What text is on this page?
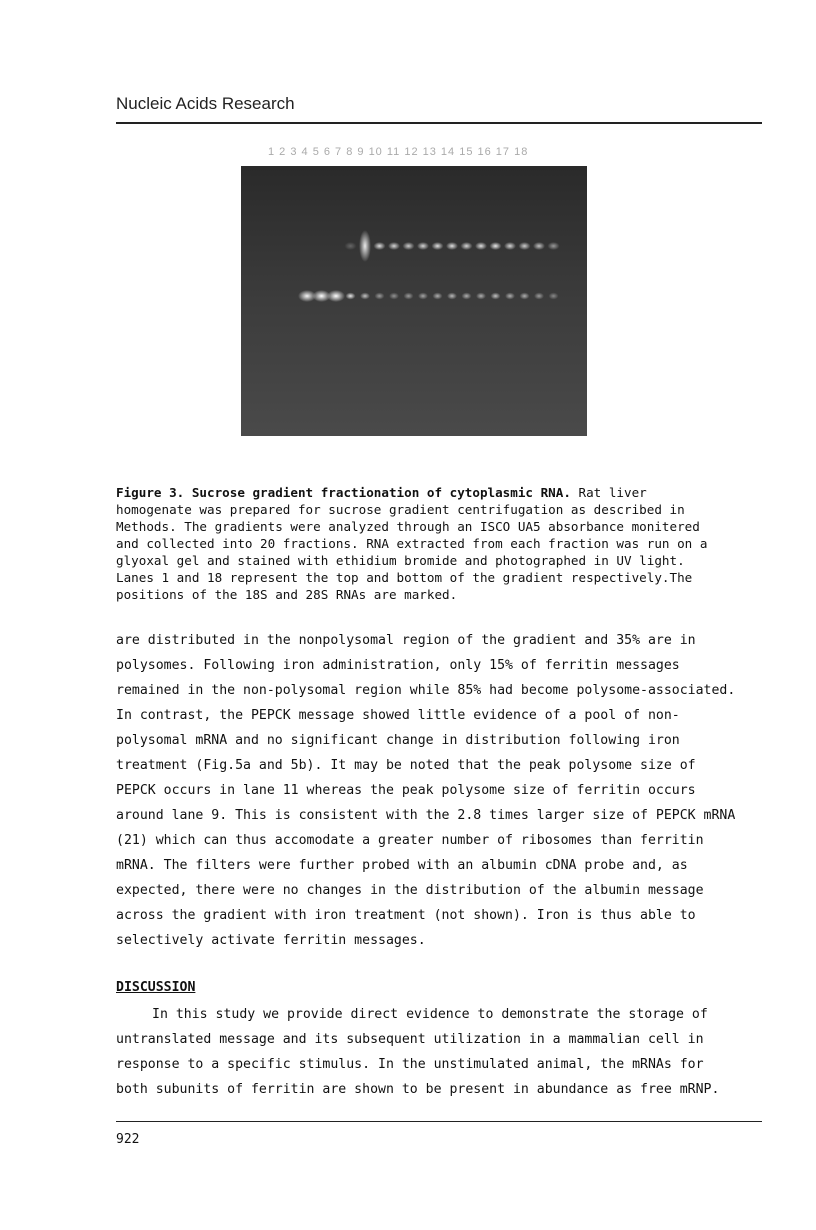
Nucleic Acids Research
1 2 3 4 5 6 7 8 9 10 11 12 13 14 15 16 17 18
Figure 3. Sucrose gradient fractionation of cytoplasmic RNA. Rat liver
homogenate was prepared for sucrose gradient centrifugation as described in
Methods. The gradients were analyzed through an ISCO UA5 absorbance monitered
and collected into 20 fractions. RNA extracted from each fraction was run on a
glyoxal gel and stained with ethidium bromide and photographed in UV light.
Lanes 1 and 18 represent the top and bottom of the gradient respectively.The
positions of the 18S and 28S RNAs are marked.
are distributed in the nonpolysomal region of the gradient and 35% are in
polysomes. Following iron administration, only 15% of ferritin messages
remained in the non-polysomal region while 85% had become polysome-associated.
In contrast, the PEPCK message showed little evidence of a pool of non-
polysomal mRNA and no significant change in distribution following iron
treatment (Fig.5a and 5b). It may be noted that the peak polysome size of
PEPCK occurs in lane 11 whereas the peak polysome size of ferritin occurs
around lane 9. This is consistent with the 2.8 times larger size of PEPCK mRNA
(21) which can thus accomodate a greater number of ribosomes than ferritin
mRNA. The filters were further probed with an albumin cDNA probe and, as
expected, there were no changes in the distribution of the albumin message
across the gradient with iron treatment (not shown). Iron is thus able to
selectively activate ferritin messages.
DISCUSSION
In this study we provide direct evidence to demonstrate the storage of
untranslated message and its subsequent utilization in a mammalian cell in
response to a specific stimulus. In the unstimulated animal, the mRNAs for
both subunits of ferritin are shown to be present in abundance as free mRNP.
922
